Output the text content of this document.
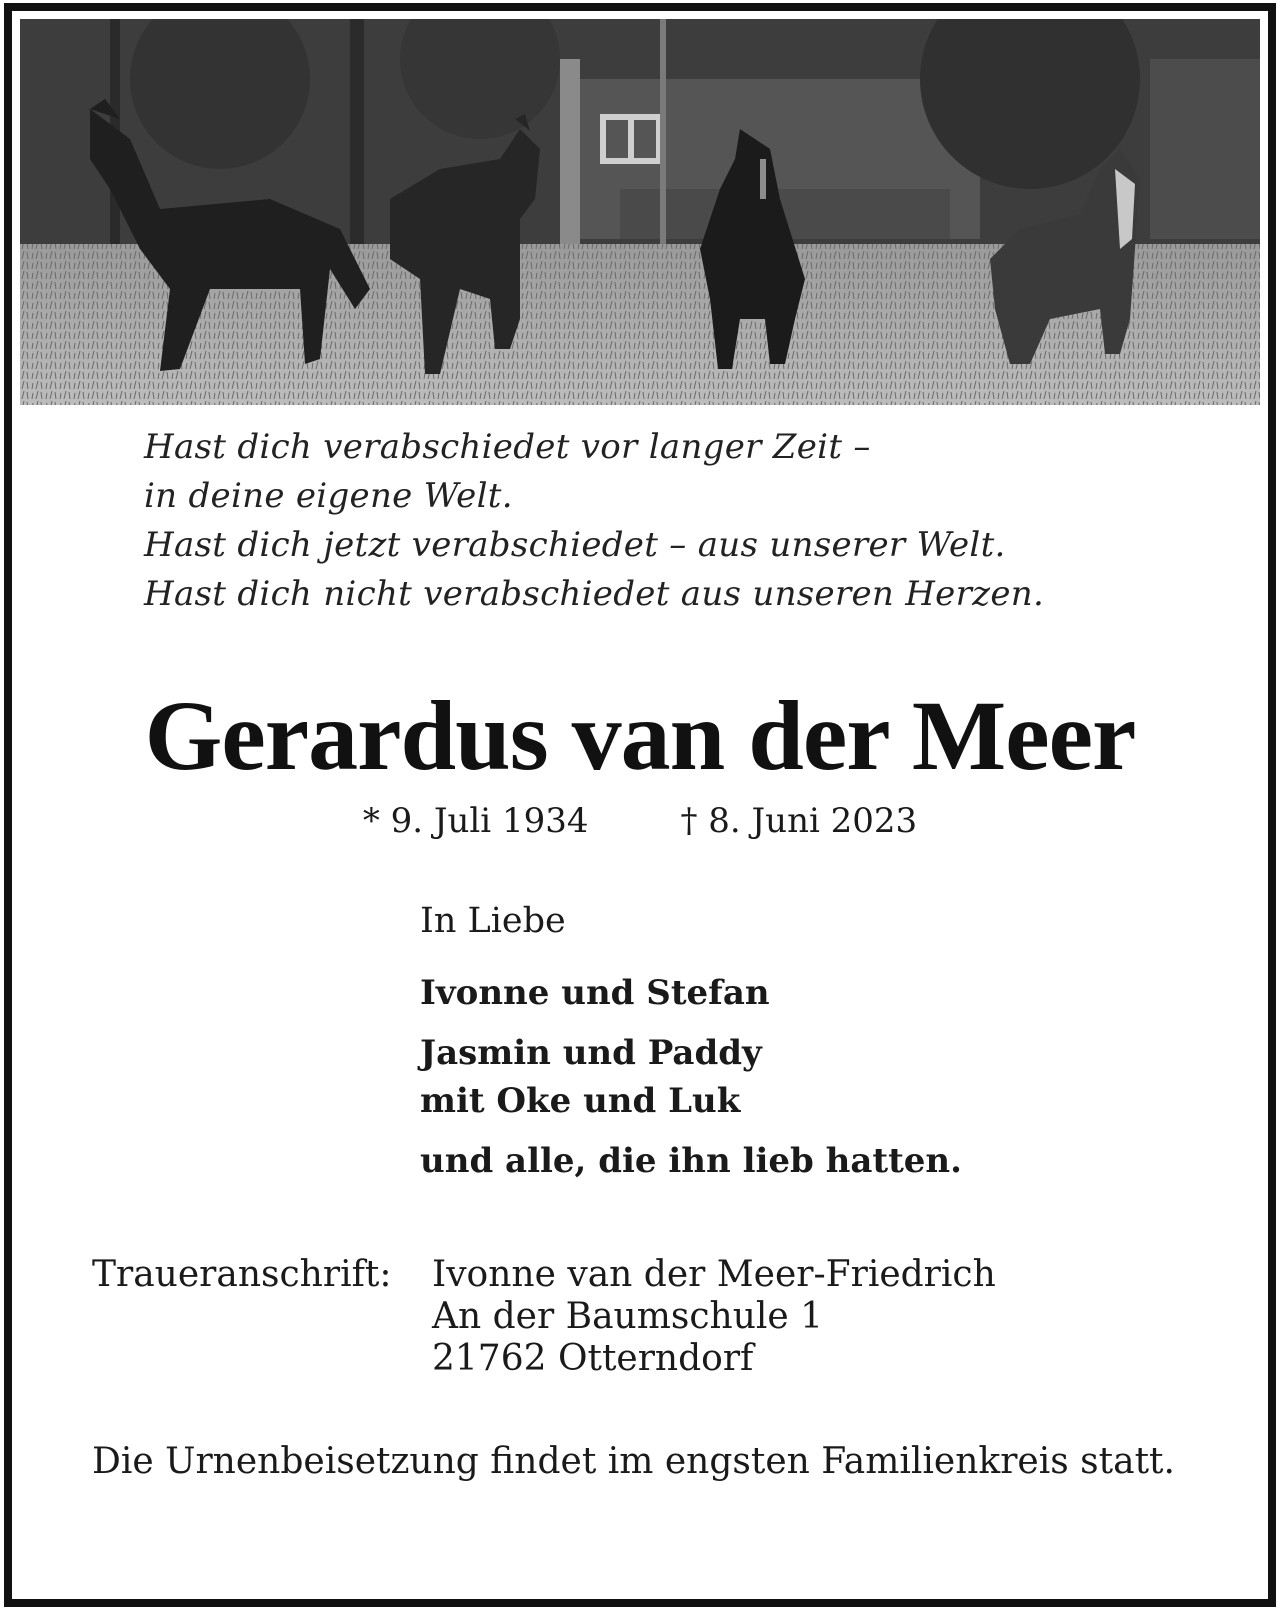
Hast dich verabschiedet vor langer Zeit –
in deine eigene Welt.
Hast dich jetzt verabschiedet – aus unserer Welt.
Hast dich nicht verabschiedet aus unseren Herzen.
Gerardus van der Meer
* 9. Juli 1934	† 8. Juni 2023
In Liebe
Ivonne und Stefan
Jasmin und Paddy
mit Oke und Luk
und alle, die ihn lieb hatten.
Traueranschrift:	Ivonne van der Meer-Friedrich
An der Baumschule 1
21762 Otterndorf
Die Urnenbeisetzung findet im engsten Familienkreis statt.
